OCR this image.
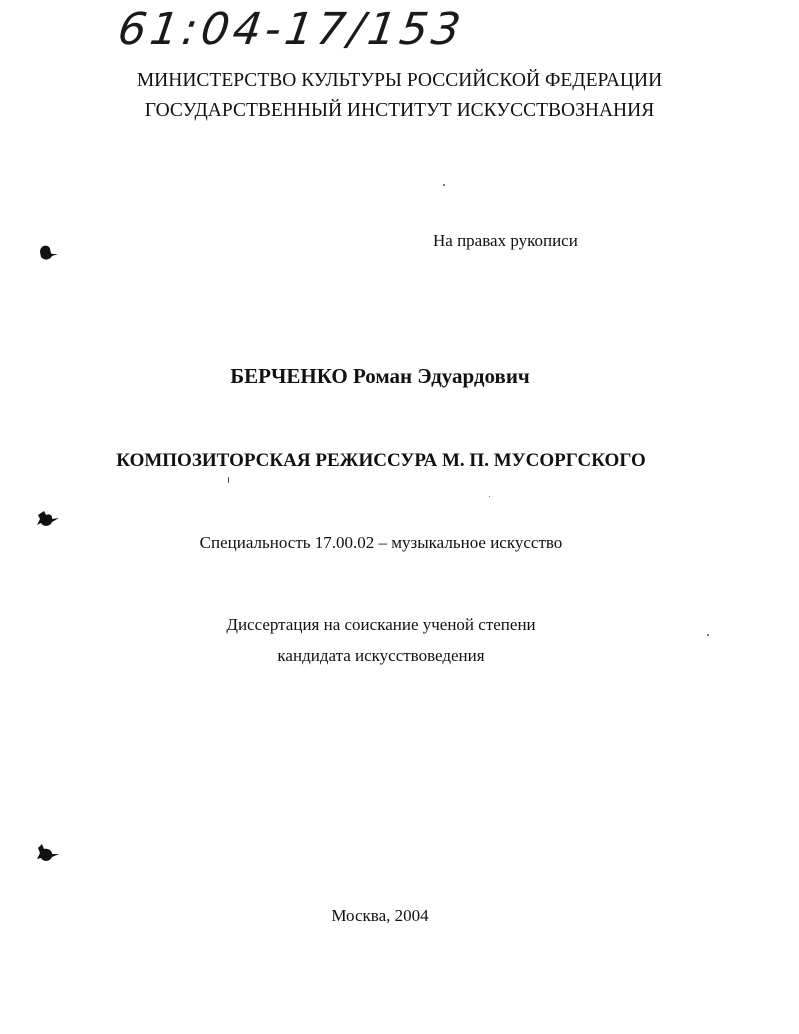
61:04-17/153
МИНИСТЕРСТВО КУЛЬТУРЫ РОССИЙСКОЙ ФЕДЕРАЦИИ
ГОСУДАРСТВЕННЫЙ ИНСТИТУТ ИСКУССТВОЗНАНИЯ
На правах рукописи
БЕРЧЕНКО Роман Эдуардович
КОМПОЗИТОРСКАЯ РЕЖИССУРА М. П. МУСОРГСКОГО
Специальность 17.00.02 – музыкальное искусство
Диссертация на соискание ученой степени
кандидата искусствоведения
Москва, 2004
